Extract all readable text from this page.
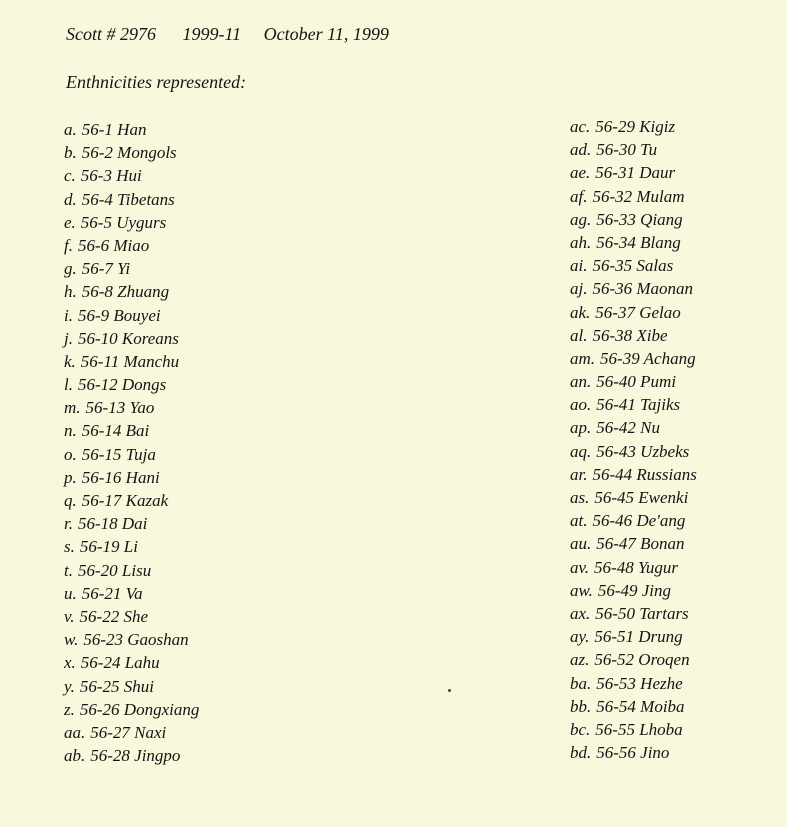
Scott # 2976 1999-11 October 11, 1999
Enthnicities represented:
a. 56-1 Han
b. 56-2 Mongols
c. 56-3 Hui
d. 56-4 Tibetans
e. 56-5 Uygurs
f. 56-6 Miao
g. 56-7 Yi
h. 56-8 Zhuang
i. 56-9 Bouyei
j. 56-10 Koreans
k. 56-11 Manchu
l. 56-12 Dongs
m. 56-13 Yao
n. 56-14 Bai
o. 56-15 Tuja
p. 56-16 Hani
q. 56-17 Kazak
r. 56-18 Dai
s. 56-19 Li
t. 56-20 Lisu
u. 56-21 Va
v. 56-22 She
w. 56-23 Gaoshan
x. 56-24 Lahu
y. 56-25 Shui
z. 56-26 Dongxiang
aa. 56-27 Naxi
ab. 56-28 Jingpo
ac. 56-29 Kigiz
ad. 56-30 Tu
ae. 56-31 Daur
af. 56-32 Mulam
ag. 56-33 Qiang
ah. 56-34 Blang
ai. 56-35 Salas
aj. 56-36 Maonan
ak. 56-37 Gelao
al. 56-38 Xibe
am. 56-39 Achang
an. 56-40 Pumi
ao. 56-41 Tajiks
ap. 56-42 Nu
aq. 56-43 Uzbeks
ar. 56-44 Russians
as. 56-45 Ewenki
at. 56-46 De'ang
au. 56-47 Bonan
av. 56-48 Yugur
aw. 56-49 Jing
ax. 56-50 Tartars
ay. 56-51 Drung
az. 56-52 Oroqen
ba. 56-53 Hezhe
bb. 56-54 Moiba
bc. 56-55 Lhoba
bd. 56-56 Jino
